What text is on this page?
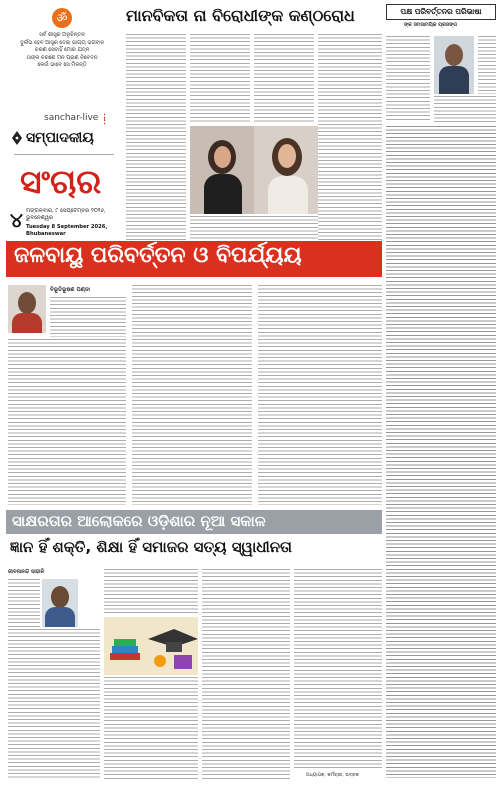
ॐ
ସର୍ବ ଶାସ୍ତ୍ର ଅନୁଚିନ୍ତନ
ଦୁର୍ଲଭ ହେବ ଆସ୍ତ୍ର ଦେଇ ଭାଗ୍ୟ ଭଗବାନ
ଚରଣ ସେବାହିଁ ମୋର ଯତ୍ନ
ତାଙ୍କ ଚରଣେ ମନ ପ୍ରାଣ ନିବେଦନ
କେଉଁ ଭାବେ ସେ ମିଳନ୍ତି
sanchar-live
ସମ୍ପାଦକୀୟ
ସଂଚାର
୪ ମଙ୍ଗଳବାର, ୮ ସେପ୍ଟେମ୍ବର ୨୦୨୬, ଭୁବନେଶ୍ୱର
Tuesday 8 September 2026, Bhubaneswar
ମାନବିକତା ନା ବିରୋଧୀଙ୍କ କଣ୍ଠରୋଧ	ପକ୍ଷ ପରିବର୍ତ୍ତନର ପରିଭାଷା
ଙ୍କ ସମସାମୟିକ ପ୍ରସଙ୍ଗ
ଜଳବାୟୁ ପରିବର୍ତ୍ତନ ଓ ବିପର୍ଯ୍ୟୟ
ବିଭୂତିଭୂଷଣ ପଣ୍ଡା
ସାକ୍ଷରତାର ଆଲୋକରେ ଓଡ଼ିଶାର ନୂଆ ସକାଳ
ଜ୍ଞାନ ହିଁ ଶକ୍ତି, ଶିକ୍ଷା ହିଁ ସମାଜର ସତ୍ୟ ସ୍ୱାଧୀନତା
ଜୀବନାନନ୍ଦ ସାହାନି
ଅଧ୍ୟାପକ, କର୍ମଚାରୀ, ଭଦ୍ରକ
